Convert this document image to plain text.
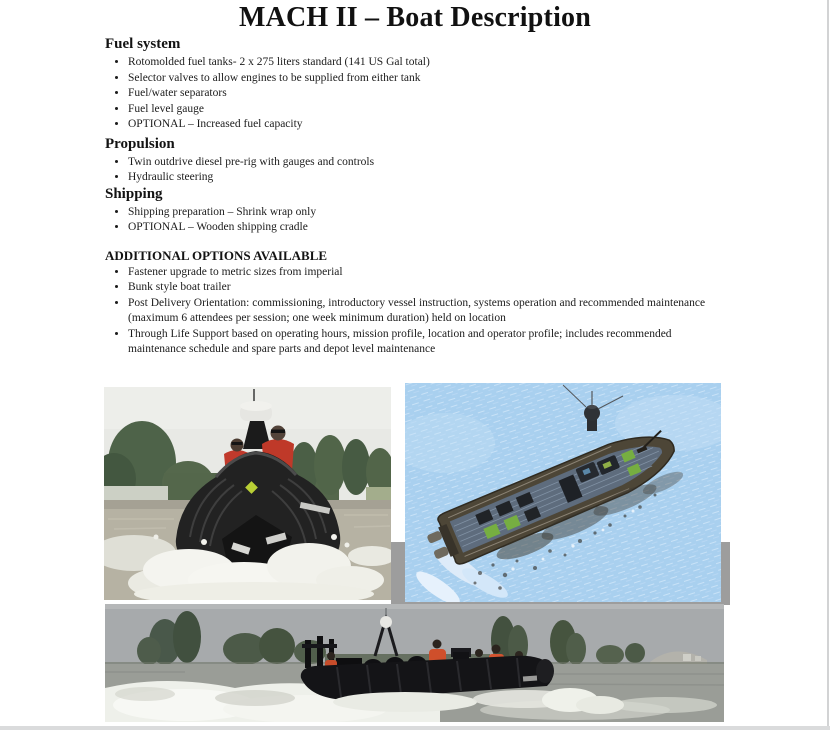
MACH II – Boat Description
Fuel system
• Rotomolded fuel tanks- 2 x 275 liters standard (141 US Gal total)
• Selector valves to allow engines to be supplied from either tank
• Fuel/water separators
• Fuel level gauge
• OPTIONAL – Increased fuel capacity
Propulsion
• Twin outdrive diesel pre-rig with gauges and controls
• Hydraulic steering
Shipping
• Shipping preparation – Shrink wrap only
• OPTIONAL – Wooden shipping cradle
ADDITIONAL OPTIONS AVAILABLE
• Fastener upgrade to metric sizes from imperial
• Bunk style boat trailer
• Post Delivery Orientation: commissioning, introductory vessel instruction, systems operation and recommended maintenance (maximum 6 attendees per session; one week minimum duration) held on location
• Through Life Support based on operating hours, mission profile, location and operator profile; includes recommended maintenance schedule and spare parts and depot level maintenance
